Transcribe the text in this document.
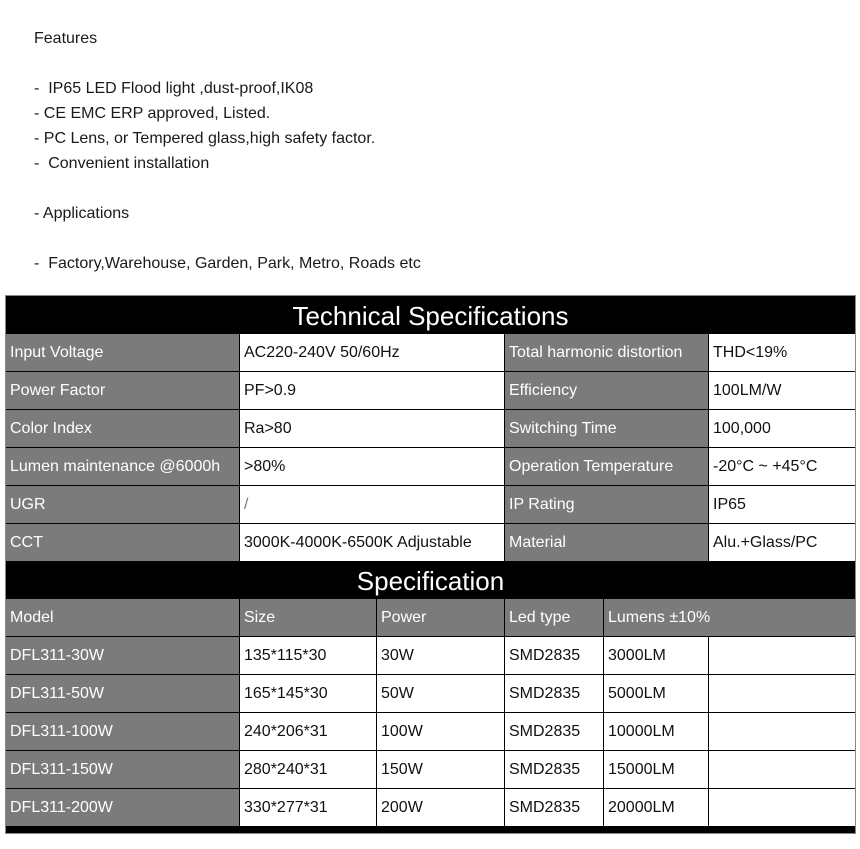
Features
-  IP65 LED Flood light ,dust-proof,IK08
- CE EMC ERP approved, Listed.
- PC Lens, or Tempered glass,high safety factor.
-  Convenient installation
- Applications
-  Factory,Warehouse, Garden, Park, Metro, Roads etc
Technical Specifications
Input Voltage	AC220-240V 50/60Hz	Total harmonic distortion	THD<19%
Power Factor	PF>0.9	Efficiency	100LM/W
Color Index	Ra>80	Switching Time	100,000
Lumen maintenance @6000h	>80%	Operation Temperature	-20°C ~ +45°C
UGR	/	IP Rating	IP65
CCT	3000K-4000K-6500K Adjustable	Material	Alu.+Glass/PC
Specification
Model	Size	Power	Led type	Lumens ±10%
DFL311-30W	135*115*30	30W	SMD2835	3000LM
DFL311-50W	165*145*30	50W	SMD2835	5000LM
DFL311-100W	240*206*31	100W	SMD2835	10000LM
DFL311-150W	280*240*31	150W	SMD2835	15000LM
DFL311-200W	330*277*31	200W	SMD2835	20000LM
